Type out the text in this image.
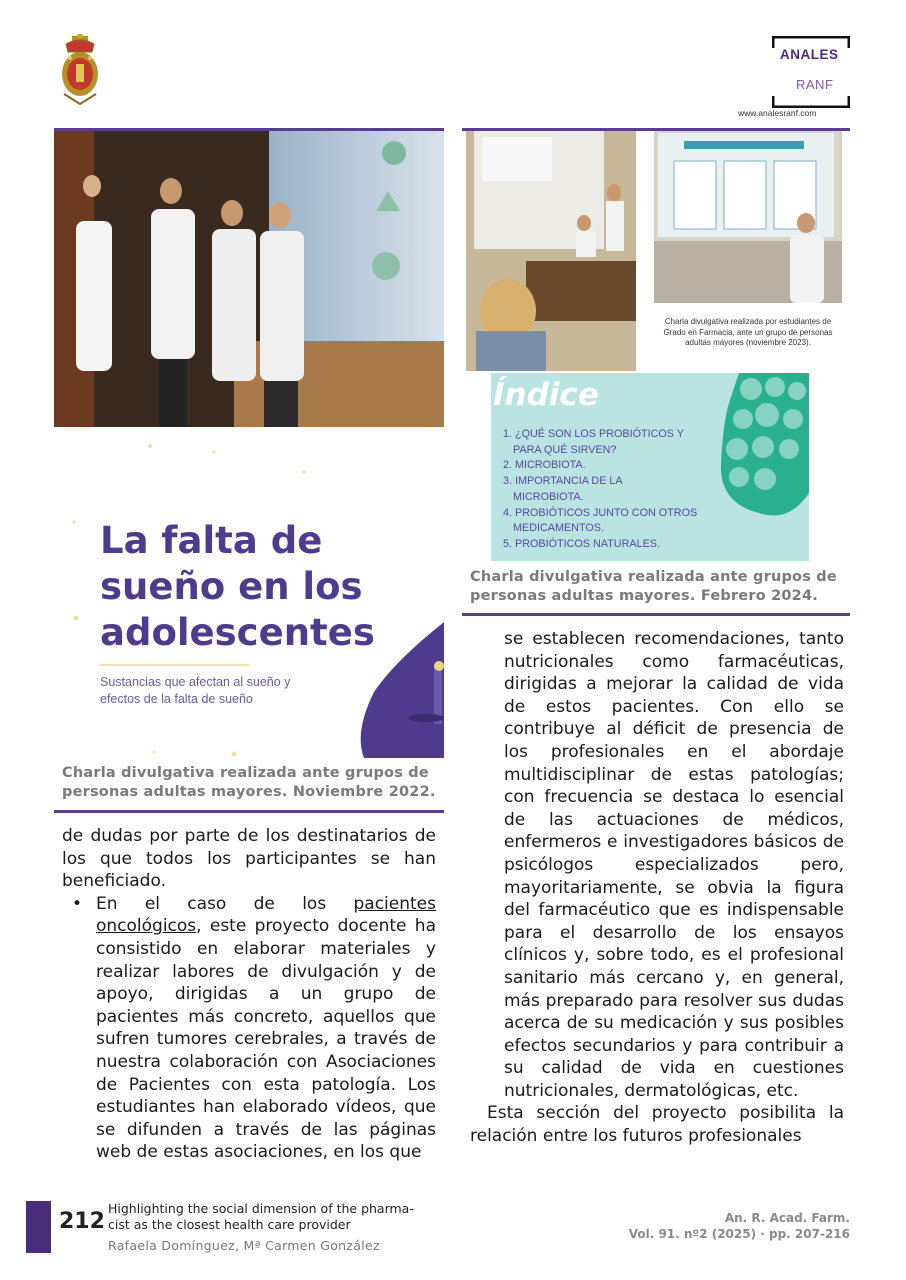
ANALES
RANF
www.analesranf.com
Charla divulgativa realizada por estudiantes de
Grado en Farmacia, ante un grupo de personas
adultas mayores (noviembre 2023).
Índice
1. ¿QUÉ SON LOS PROBIÓTICOS Y PARA QUÉ SIRVEN?
2. MICROBIOTA.
3. IMPORTANCIA DE LA MICROBIOTA.
4. PROBIÓTICOS JUNTO CON OTROS MEDICAMENTOS.
5. PROBIÓTICOS NATURALES.
Charla divulgativa realizada ante grupos de
personas adultas mayores. Febrero 2024.
La falta de
sueño en los
adolescentes
Sustancias que afectan al sueño y
efectos de la falta de sueño
Charla divulgativa realizada ante grupos de
personas adultas mayores. Noviembre 2022.

de dudas por parte de los destinatarios de los que todos los participantes se han beneficiado.

• En el caso de los pacientes oncológicos, este proyecto docente ha consistido en elaborar materiales y realizar labores de divulgación y de apoyo, dirigidas a un grupo de pacientes más concreto, aquellos que sufren tumores cerebrales, a través de nuestra colaboración con Asociaciones de Pacientes con esta patología. Los estudiantes han elaborado vídeos, que se difunden a través de las páginas web de estas asociaciones, en los que

se establecen recomendaciones, tanto nutricionales como farmacéuticas, dirigidas a mejorar la calidad de vida de estos pacientes. Con ello se contribuye al déficit de presencia de los profesionales en el abordaje multidisciplinar de estas patologías; con frecuencia se destaca lo esencial de las actuaciones de médicos, enfermeros e investigadores básicos de psicólogos especializados pero, mayoritariamente, se obvia la figura del farmacéutico que es indispensable para el desarrollo de los ensayos clínicos y, sobre todo, es el profesional sanitario más cercano y, en general, más preparado para resolver sus dudas acerca de su medicación y sus posibles efectos secundarios y para contribuir a su calidad de vida en cuestiones nutricionales, dermatológicas, etc.

Esta sección del proyecto posibilita la relación entre los futuros profesionales

212
Highlighting the social dimension of the pharma-
cist as the closest health care provider
Rafaela Domínguez, Mª Carmen González
An. R. Acad. Farm.
Vol. 91. nº2 (2025) · pp. 207-216
